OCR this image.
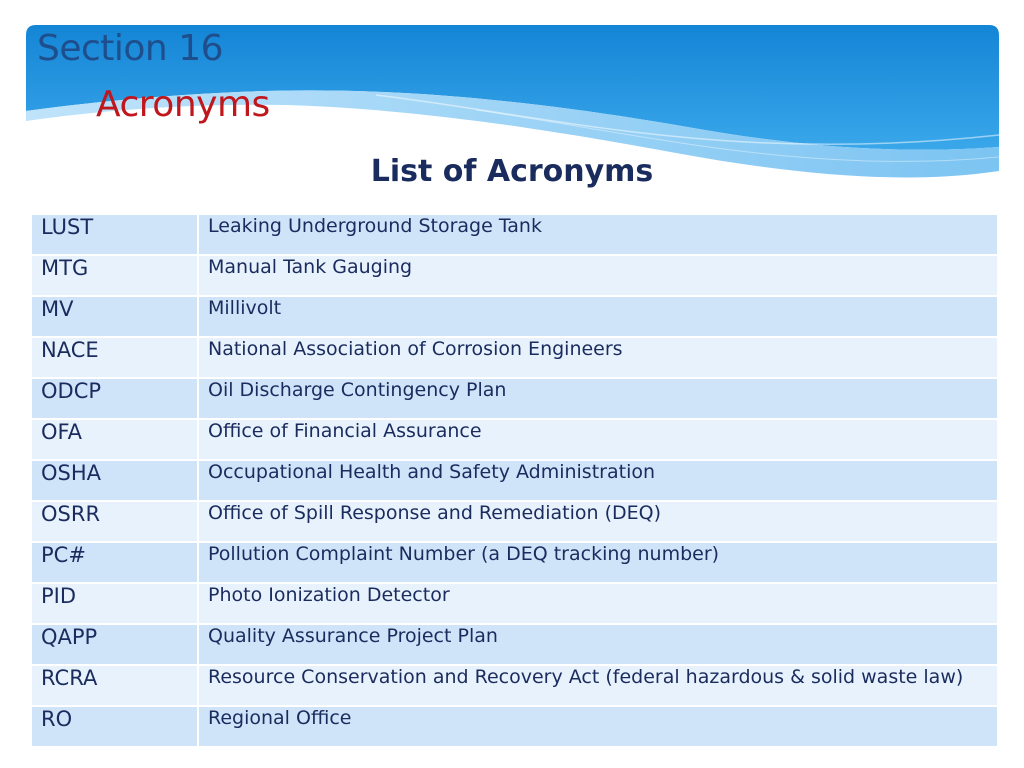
Section 16
Acronyms
List of Acronyms
LUST	Leaking Underground Storage Tank
MTG	Manual Tank Gauging
MV	Millivolt
NACE	National Association of Corrosion Engineers
ODCP	Oil Discharge Contingency Plan
OFA	Office of Financial Assurance
OSHA	Occupational Health and Safety Administration
OSRR	Office of Spill Response and Remediation (DEQ)
PC#	Pollution Complaint Number (a DEQ tracking number)
PID	Photo Ionization Detector
QAPP	Quality Assurance Project Plan
RCRA	Resource Conservation and Recovery Act (federal hazardous & solid waste law)
RO	Regional Office
